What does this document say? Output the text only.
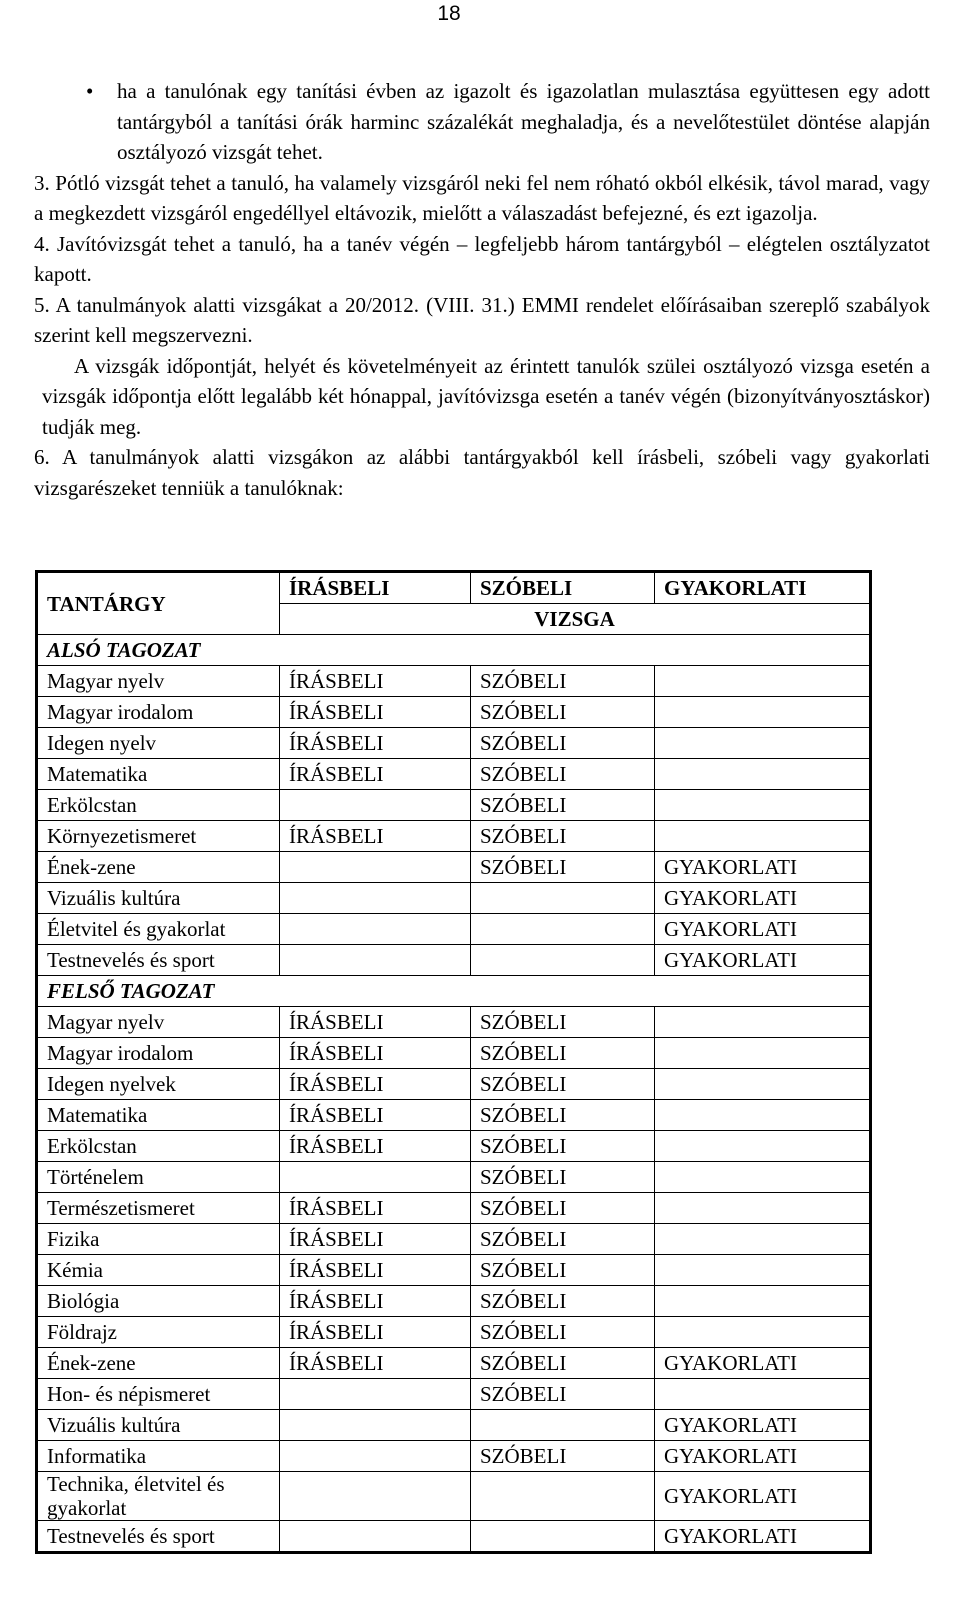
18
• ha a tanulónak egy tanítási évben az igazolt és igazolatlan mulasztása együttesen egy adott tantárgyból a tanítási órák harminc százalékát meghaladja, és a nevelőtestület döntése alapján osztályozó vizsgát tehet.
3. Pótló vizsgát tehet a tanuló, ha valamely vizsgáról neki fel nem róható okból elkésik, távol marad, vagy a megkezdett vizsgáról engedéllyel eltávozik, mielőtt a válaszadást befejezné, és ezt igazolja.
4. Javítóvizsgát tehet a tanuló, ha a tanév végén – legfeljebb három tantárgyból – elégtelen osztályzatot kapott.
5. A tanulmányok alatti vizsgákat a 20/2012. (VIII. 31.) EMMI rendelet előírásaiban szereplő szabályok szerint kell megszervezni.
A vizsgák időpontját, helyét és követelményeit az érintett tanulók szülei osztályozó vizsga esetén a vizsgák időpontja előtt legalább két hónappal, javítóvizsga esetén a tanév végén (bizonyítványosztáskor) tudják meg.
6. A tanulmányok alatti vizsgákon az alábbi tantárgyakból kell írásbeli, szóbeli vagy gyakorlati vizsgarészeket tenniük a tanulóknak:
TANTÁRGY	ÍRÁSBELI	SZÓBELI	GYAKORLATI
	VIZSGA		
ALSÓ TAGOZAT			
Magyar nyelv	ÍRÁSBELI	SZÓBELI	
Magyar irodalom	ÍRÁSBELI	SZÓBELI	
Idegen nyelv	ÍRÁSBELI	SZÓBELI	
Matematika	ÍRÁSBELI	SZÓBELI	
Erkölcstan		SZÓBELI	
Környezetismeret	ÍRÁSBELI	SZÓBELI	
Ének-zene		SZÓBELI	GYAKORLATI
Vizuális kultúra			GYAKORLATI
Életvitel és gyakorlat			GYAKORLATI
Testnevelés és sport			GYAKORLATI
FELSŐ TAGOZAT			
Magyar nyelv	ÍRÁSBELI	SZÓBELI	
Magyar irodalom	ÍRÁSBELI	SZÓBELI	
Idegen nyelvek	ÍRÁSBELI	SZÓBELI	
Matematika	ÍRÁSBELI	SZÓBELI	
Erkölcstan	ÍRÁSBELI	SZÓBELI	
Történelem		SZÓBELI	
Természetismeret	ÍRÁSBELI	SZÓBELI	
Fizika	ÍRÁSBELI	SZÓBELI	
Kémia	ÍRÁSBELI	SZÓBELI	
Biológia	ÍRÁSBELI	SZÓBELI	
Földrajz	ÍRÁSBELI	SZÓBELI	
Ének-zene	ÍRÁSBELI	SZÓBELI	GYAKORLATI
Hon- és népismeret		SZÓBELI	
Vizuális kultúra			GYAKORLATI
Informatika		SZÓBELI	GYAKORLATI
Technika, életvitel és gyakorlat			GYAKORLATI
Testnevelés és sport			GYAKORLATI
